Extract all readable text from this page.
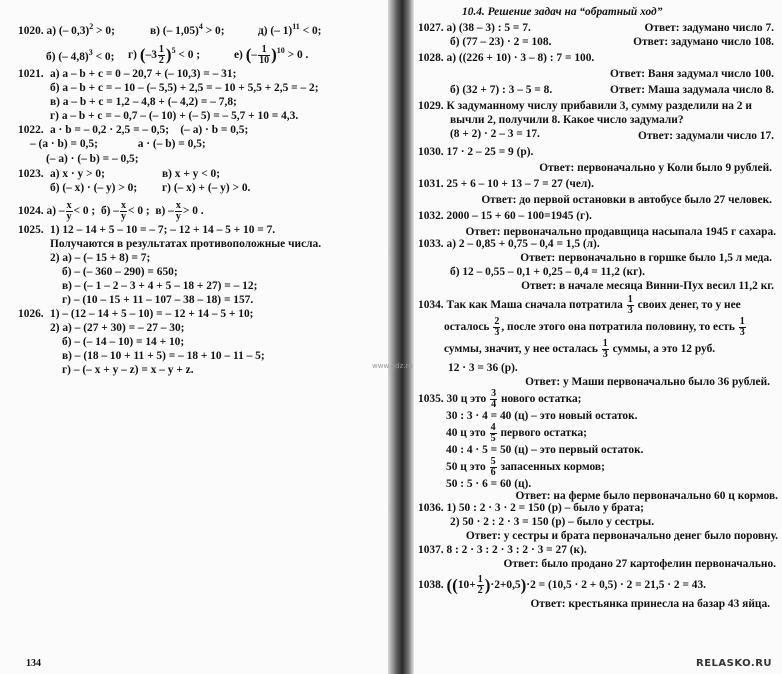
1020. а) (– 0,3)$^2$ > 0;	в) (– 1,05)$^4$ > 0;	д) (– 1)$^{11}$ < 0;
б) (– 4,8)$^3$ < 0; г) $(-3 \frac{1}{2} )^5 < 0$ ;	е) (– $\frac{1}{10} )^{10} > 0$ .
1021. а) a – b + c = 0 – 20,7 + (– 10,3) = – 31;
б) a – b + c = – 10 – (– 5,5) + 2,5 = – 10 + 5,5 + 2,5 = – 2;
в) a – b + c = 1,2 – 4,8 + (– 4,2) = – 7,8;
г) a – b + c = – 0,7 – (– 10) + (– 5) = – 5,7 + 10 = 4,3.
1022. a · b = – 0,2 · 2,5 = – 0,5;    (– a) · b = 0,5;
– (a · b) = 0,5;              a · (– b) = 0,5;
(– a) · (– b) = – 0,5;
1023. а) x · y > 0;	в) x + y < 0;
б) (– x) · (– y) > 0; г) (– x) + (– y) > 0.
1024. $а) - \frac{x}{y} < 0$ ; $б) - \frac{x}{y} < 0$ ; $в) - \frac{x}{y} > 0$ .
1025. 1) 12 – 14 + 5 – 10 = – 7; – 12 + 14 – 5 + 10 = 7.
Получаются в результатах противоположные числа.
2) а) – (– 15 + 8) = 7;
б) – (– 360 – 290) = 650;
в) – (– 1 – 2 – 3 + 4 + 5 – 18 + 27) = – 12;
г) – (10 – 15 + 11 – 107 – 38 – 18) = 157.
1026. 1) – (12 – 14 + 5 – 10) = – 12 + 14 – 5 + 10;
2) а) – (27 + 30) = – 27 – 30;
б) – (– 14 – 10) = 14 + 10;
в) – (18 – 10 + 11 + 5) = – 18 + 10 – 11 – 5;
г) – (– x + y – z) = x – y + z.
134
10.4. Решение задач на “обратный ход”
1027. а) (38 – 3) : 5 = 7.	Ответ: задумано число 7.
б) (77 – 23) · 2 = 108.	Ответ: задумано число 108.
1028. а) ((226 + 10) · 3 – 8) : 7 = 100.
Ответ: Ваня задумал число 100.
б) (32 + 7) : 3 – 5 = 8.	Ответ: Маша задумала число 8.
1029. К задуманному числу прибавили 3, сумму разделили на 2 и
вычли 2, получили 8. Какое число задумали?
(8 + 2) · 2 – 3 = 17.	Ответ: задумали число 17.
1030. 17 · 2 – 25 = 9 (р).
Ответ: первоначально у Коли было 9 рублей.
1031. 25 + 6 – 10 + 13 – 7 = 27 (чел).
Ответ: до первой остановки в автобусе было 27 человек.
1032. 2000 – 15 + 60 – 100=1945 (г).
Ответ: первоначально продавщица насыпала 1945 г сахара.
1033. а) 2 – 0,85 + 0,75 – 0,4 = 1,5 (л).
Ответ: первоначально в горшке было 1,5 л меда.
б) 12 – 0,55 – 0,1 + 0,25 – 0,4 = 11,2 (кг).
Ответ: в начале месяца Винни-Пух весил 11,2 кг.
1034. Так как Маша сначала потратила $\frac{1}{3}$ своих денег, то у нее
осталось $\frac{2}{3}$ , после этого она потратила половину, то есть $\frac{1}{3}$
суммы, значит, у нее осталась $\frac{1}{3}$ суммы, а это 12 руб.
12 · 3 = 36 (р).
Ответ: у Маши первоначально было 36 рублей.
1035. 30 ц это $\frac{3}{4}$ нового остатка;
30 : 3 · 4 = 40 (ц) – это новый остаток.
40 ц это $\frac{4}{5}$ первого остатка;
40 : 4 · 5 = 50 (ц) – это первый остаток.
50 ц это $\frac{5}{6}$ запасенных кормов;
50 : 5 · 6 = 60 (ц).
Ответ: на ферме было первоначально 60 ц кормов.
1036. 1) 50 : 2 · 3 · 2 = 150 (р) – было у брата;
2) 50 · 2 : 2 · 3 = 150 (р) – было у сестры.
Ответ: у сестры и брата первоначально денег было поровну.
1037. 8 : 2 · 3 : 2 · 3 : 2 · 3 = 27 (к).
Ответ: было продано 27 картофелин первоначально.
1038. $((10+ \frac{1}{2} )\cdot 2+0,5)\cdot 2 = (10,5 \cdot 2 + 0,5) \cdot 2 = 21,5 \cdot 2 = 43$.
Ответ: крестьянка принесла на базар 43 яйца.
www.gdz.ru
RELASKO.RU
